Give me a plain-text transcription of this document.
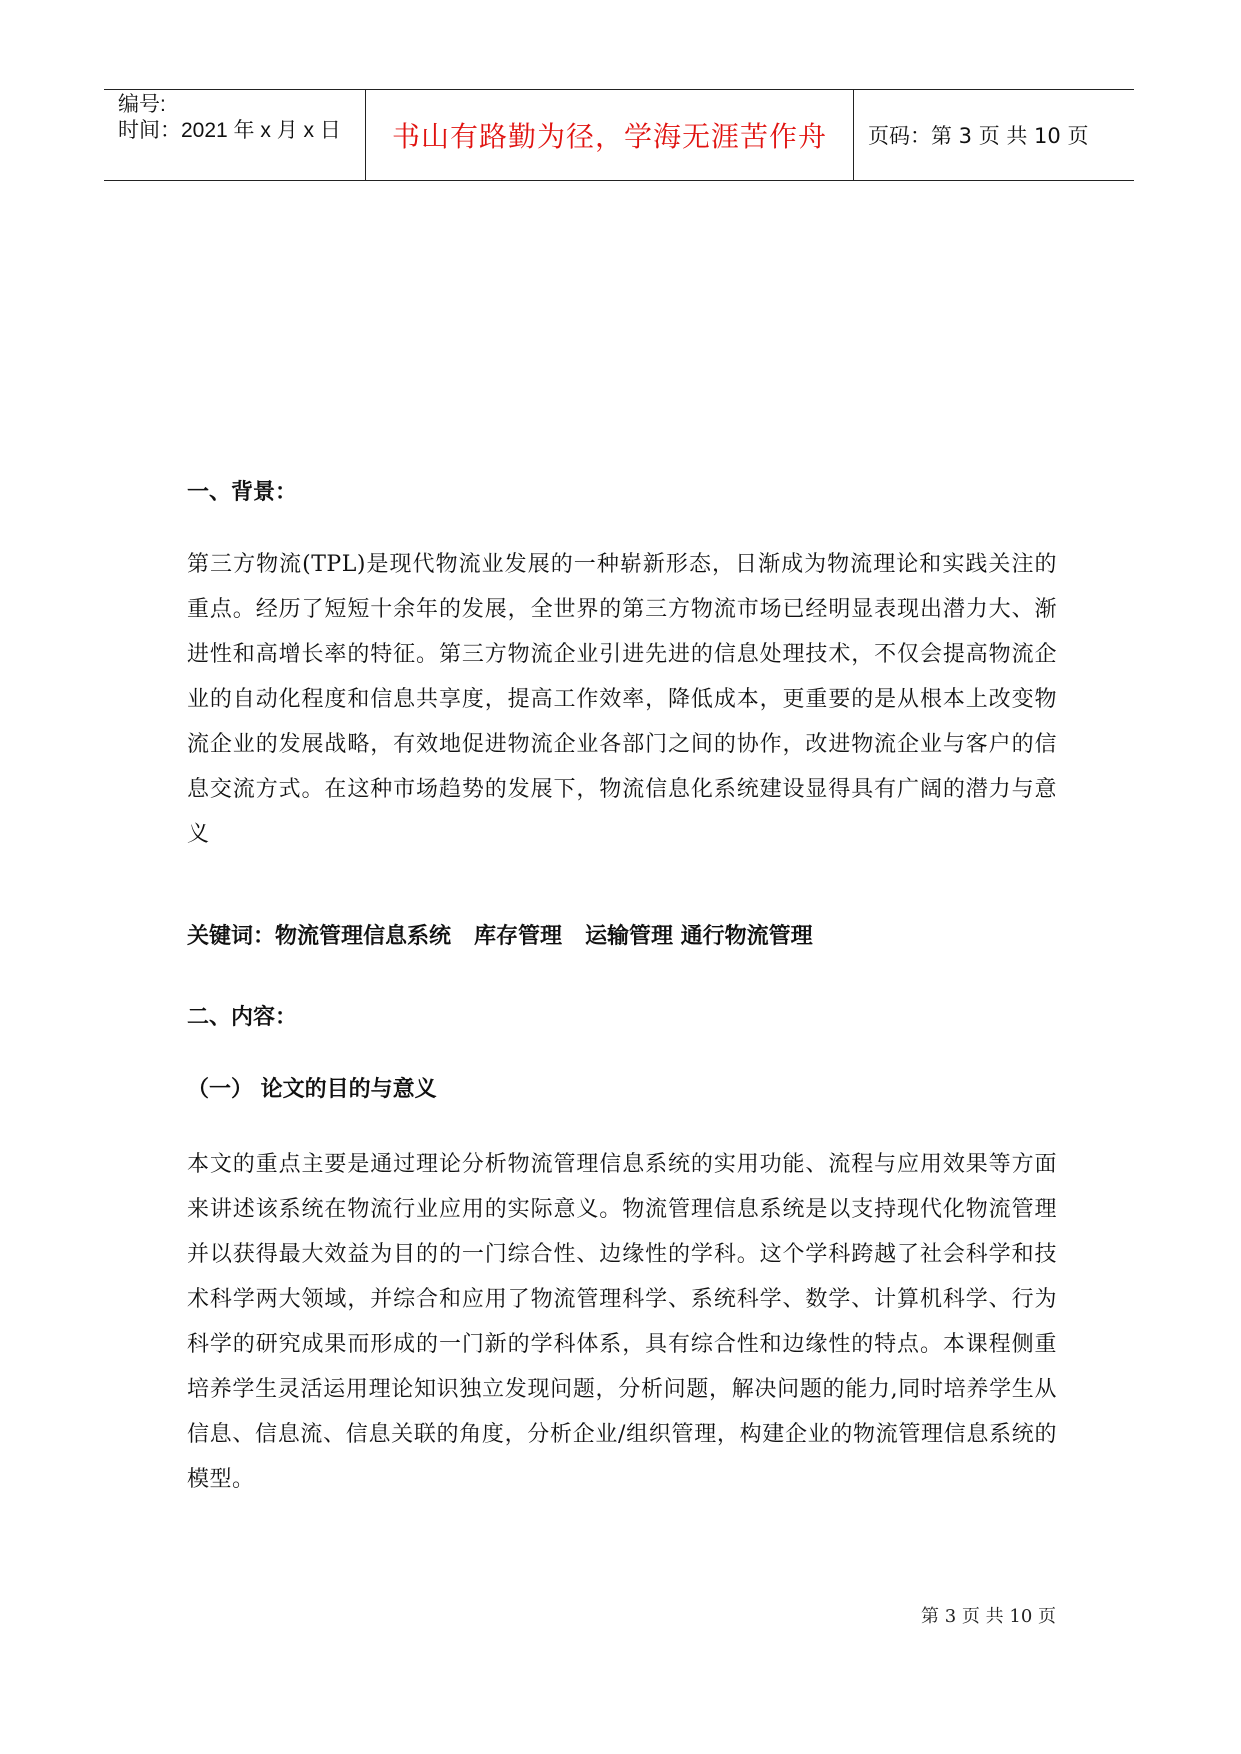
编号:
时间：2021 年 x 月 x 日	书山有路勤为径，学海无涯苦作舟	页码：第 3 页 共 10 页
一、背景：
第三方物流(TPL)是现代物流业发展的一种崭新形态，日渐成为物流理论和实践关注的重点。经历了短短十余年的发展，全世界的第三方物流市场已经明显表现出潜力大、渐进性和高增长率的特征。第三方物流企业引进先进的信息处理技术，不仅会提高物流企业的自动化程度和信息共享度，提高工作效率，降低成本，更重要的是从根本上改变物流企业的发展战略，有效地促进物流企业各部门之间的协作，改进物流企业与客户的信息交流方式。在这种市场趋势的发展下，物流信息化系统建设显得具有广阔的潜力与意义
关键词：物流管理信息系统   库存管理   运输管理 通行物流管理
二、内容：
（一） 论文的目的与意义
本文的重点主要是通过理论分析物流管理信息系统的实用功能、流程与应用效果等方面来讲述该系统在物流行业应用的实际意义。物流管理信息系统是以支持现代化物流管理并以获得最大效益为目的的一门综合性、边缘性的学科。这个学科跨越了社会科学和技术科学两大领域，并综合和应用了物流管理科学、系统科学、数学、计算机科学、行为科学的研究成果而形成的一门新的学科体系，具有综合性和边缘性的特点。本课程侧重培养学生灵活运用理论知识独立发现问题，分析问题，解决问题的能力,同时培养学生从信息、信息流、信息关联的角度，分析企业/组织管理，构建企业的物流管理信息系统的模型。
第 3 页 共 10 页
